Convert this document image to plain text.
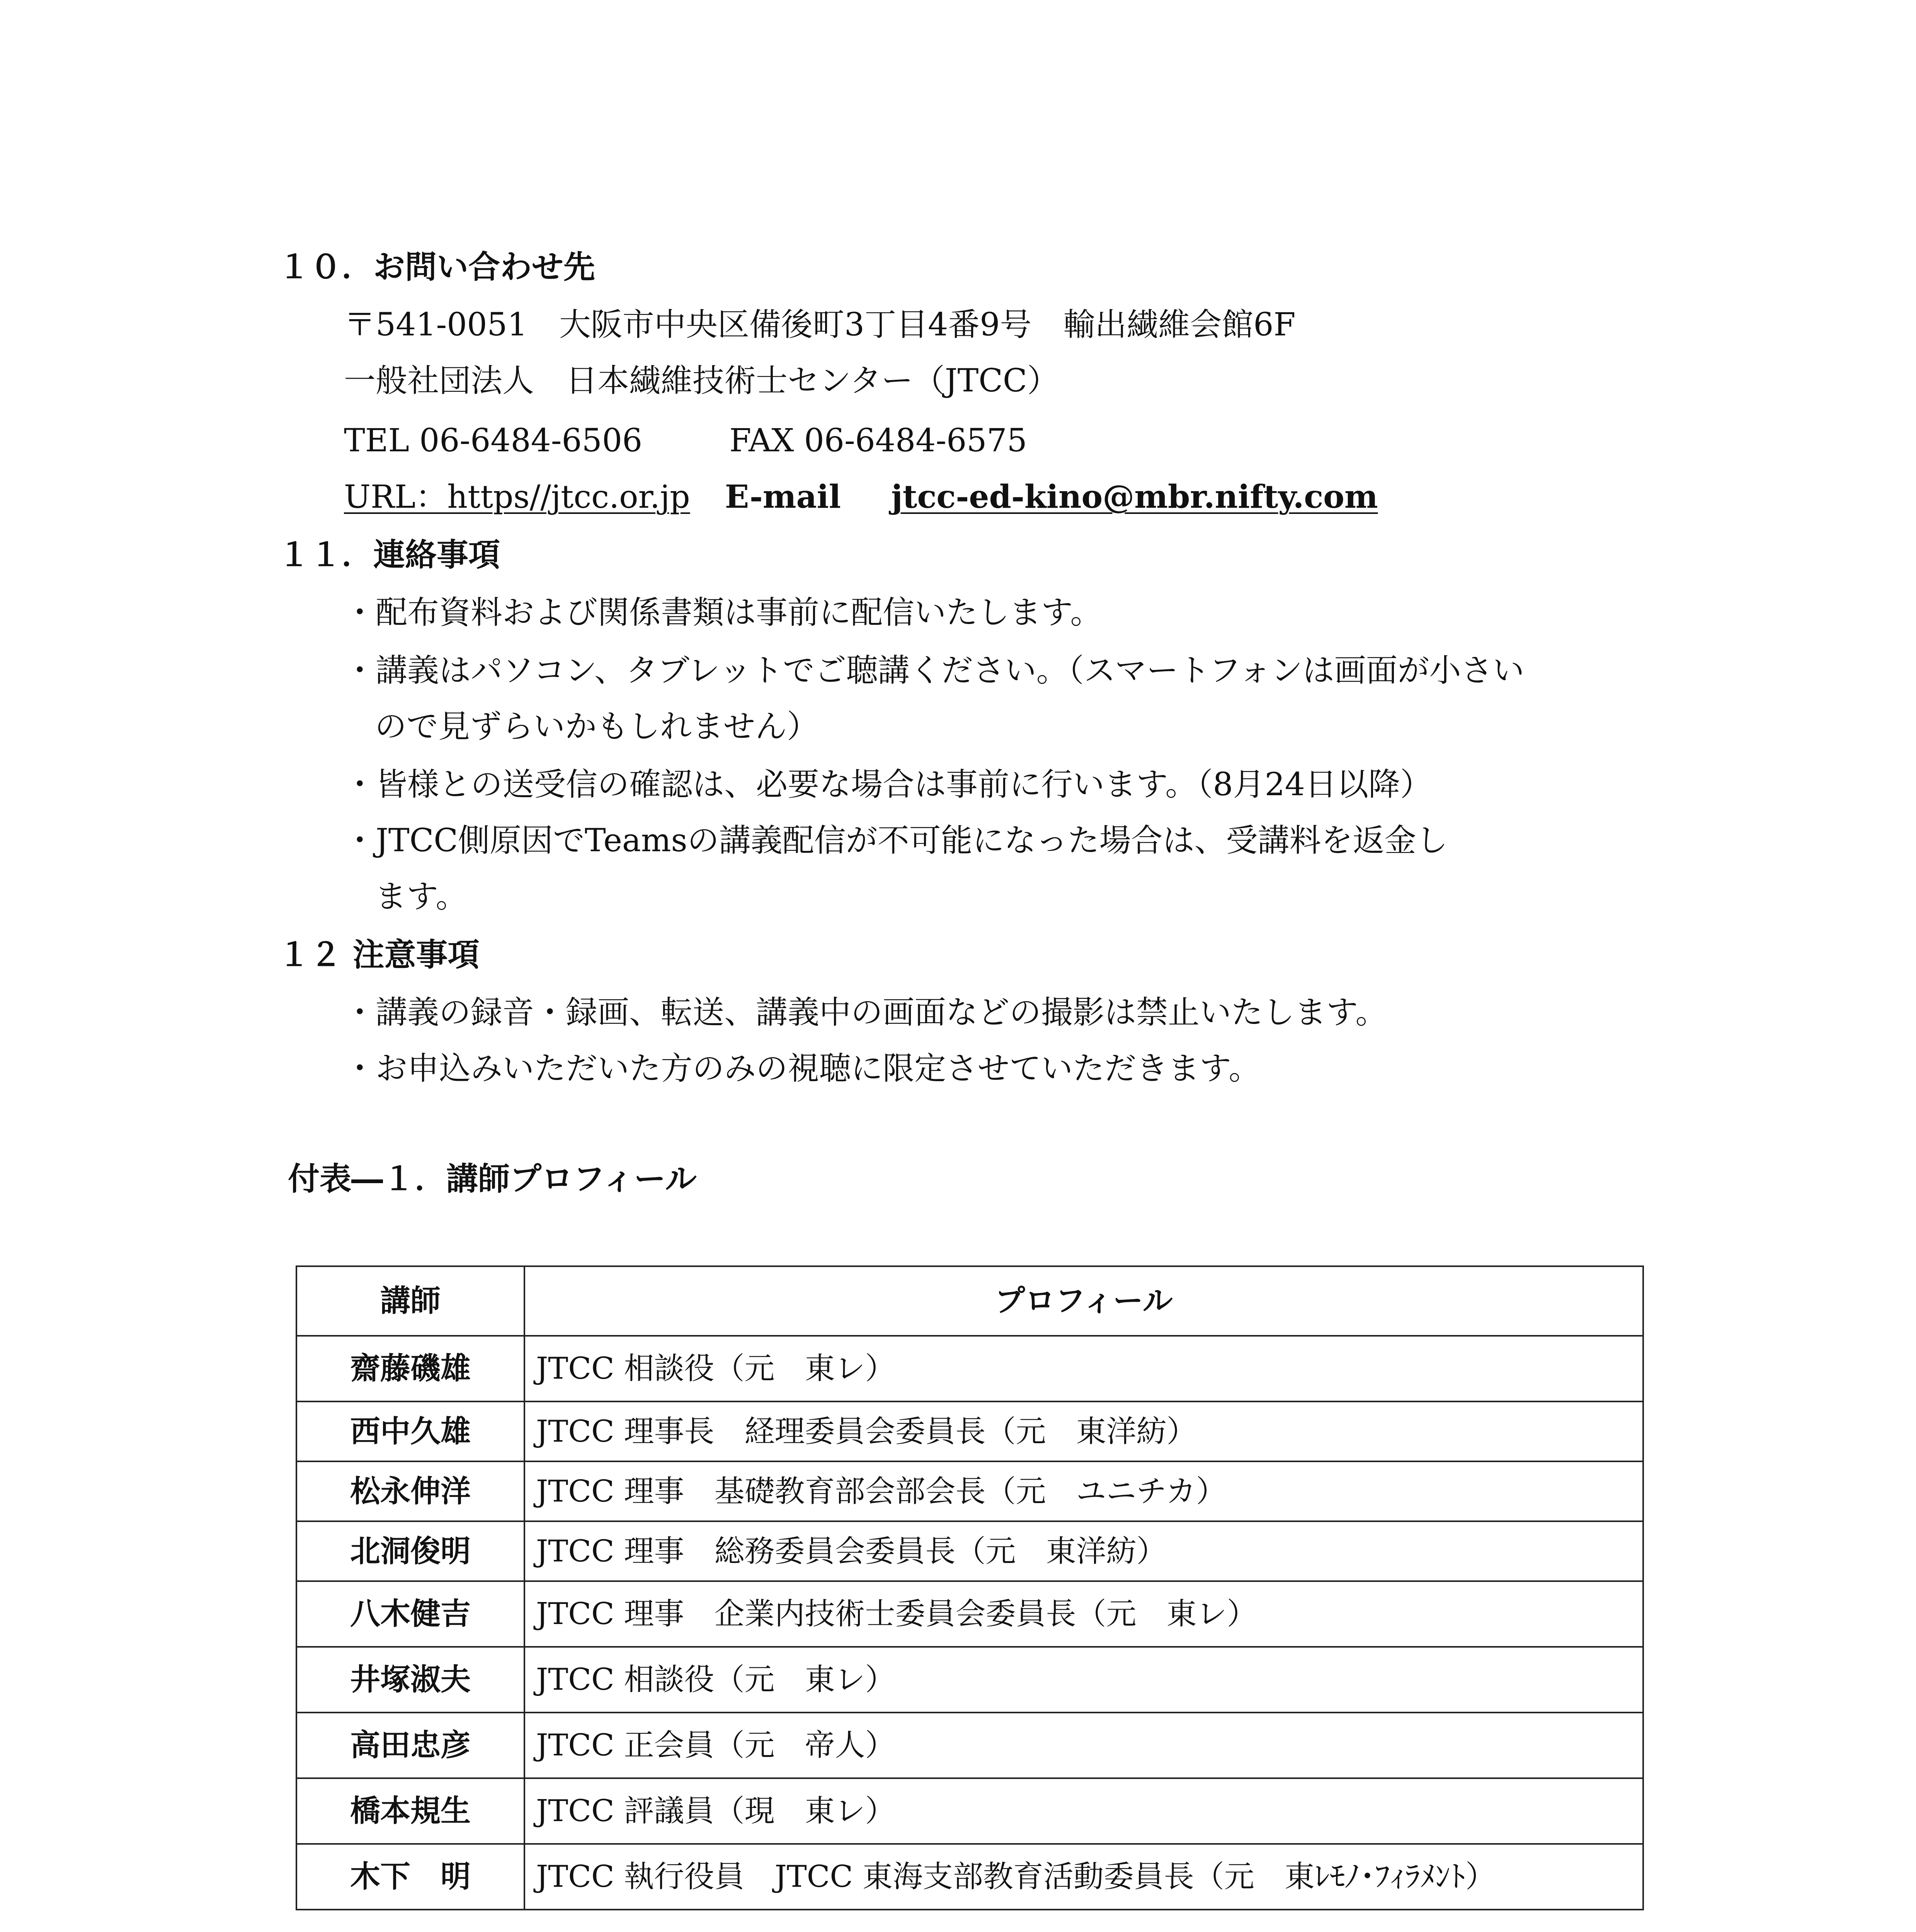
１０．お問い合わせ先
〒541-0051　大阪市中央区備後町3丁目4番9号　輸出繊維会館6F
一般社団法人　日本繊維技術士センター（JTCC）
TEL 06-6484-6506	FAX 06-6484-6575
URL：https//jtcc.or.jp E-mail jtcc-ed-kino@mbr.nifty.com
１１．連絡事項
・配布資料および関係書類は事前に配信いたします。
・講義はパソコン、タブレットでご聴講ください。（スマートフォンは画面が小さい
ので見ずらいかもしれません）
・皆様との送受信の確認は、必要な場合は事前に行います。（8月24日以降）
・JTCC側原因でTeamsの講義配信が不可能になった場合は、受講料を返金し
ます。
１２ 注意事項
・講義の録音・録画、転送、講義中の画面などの撮影は禁止いたします。
・お申込みいただいた方のみの視聴に限定させていただきます。
付表―１．講師プロフィール
講師	プロフィール
齋藤磯雄	JTCC 相談役（元　東レ）
西中久雄	JTCC 理事長　経理委員会委員長（元　東洋紡）
松永伸洋	JTCC 理事　基礎教育部会部会長（元　ユニチカ）
北洞俊明	JTCC 理事　総務委員会委員長（元　東洋紡）
八木健吉	JTCC 理事　企業内技術士委員会委員長（元　東レ）
井塚淑夫	JTCC 相談役（元　東レ）
高田忠彦	JTCC 正会員（元　帝人）
橋本規生	JTCC 評議員（現　東レ）
木下　明	JTCC 執行役員　JTCC 東海支部教育活動委員長（元　東ﾚﾓﾉ･ﾌｨﾗﾒﾝﾄ）
